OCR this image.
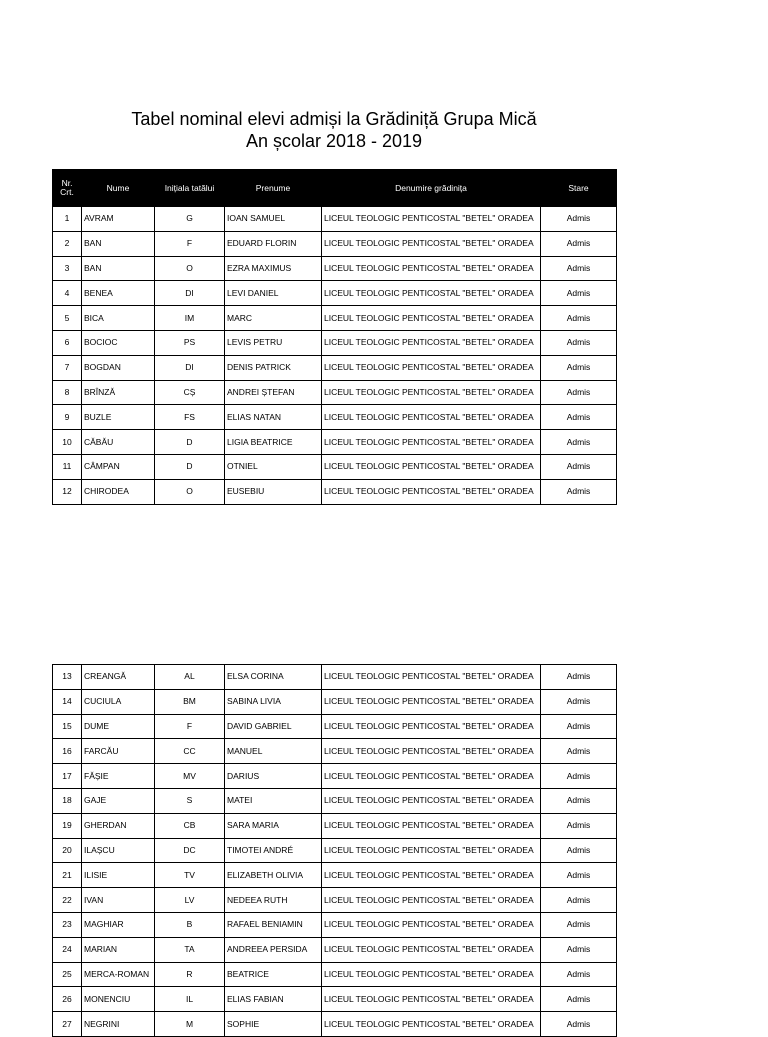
Tabel nominal elevi admiși la Grădiniță Grupa Mică
An școlar 2018 - 2019
Nr. Crt.	Nume	Inițiala tatălui	Prenume	Denumire grădinița	Stare
1	AVRAM	G	IOAN SAMUEL	LICEUL TEOLOGIC PENTICOSTAL "BETEL" ORADEA	Admis
2	BAN	F	EDUARD FLORIN	LICEUL TEOLOGIC PENTICOSTAL "BETEL" ORADEA	Admis
3	BAN	O	EZRA MAXIMUS	LICEUL TEOLOGIC PENTICOSTAL "BETEL" ORADEA	Admis
4	BENEA	DI	LEVI DANIEL	LICEUL TEOLOGIC PENTICOSTAL "BETEL" ORADEA	Admis
5	BICA	IM	MARC	LICEUL TEOLOGIC PENTICOSTAL "BETEL" ORADEA	Admis
6	BOCIOC	PS	LEVIS PETRU	LICEUL TEOLOGIC PENTICOSTAL "BETEL" ORADEA	Admis
7	BOGDAN	DI	DENIS PATRICK	LICEUL TEOLOGIC PENTICOSTAL "BETEL" ORADEA	Admis
8	BRÎNZĂ	CȘ	ANDREI ȘTEFAN	LICEUL TEOLOGIC PENTICOSTAL "BETEL" ORADEA	Admis
9	BUZLE	FS	ELIAS NATAN	LICEUL TEOLOGIC PENTICOSTAL "BETEL" ORADEA	Admis
10	CĂBĂU	D	LIGIA BEATRICE	LICEUL TEOLOGIC PENTICOSTAL "BETEL" ORADEA	Admis
11	CÂMPAN	D	OTNIEL	LICEUL TEOLOGIC PENTICOSTAL "BETEL" ORADEA	Admis
12	CHIRODEA	O	EUSEBIU	LICEUL TEOLOGIC PENTICOSTAL "BETEL" ORADEA	Admis
13	CREANGĂ	AL	ELSA CORINA	LICEUL TEOLOGIC PENTICOSTAL "BETEL" ORADEA	Admis
14	CUCIULA	BM	SABINA LIVIA	LICEUL TEOLOGIC PENTICOSTAL "BETEL" ORADEA	Admis
15	DUME	F	DAVID GABRIEL	LICEUL TEOLOGIC PENTICOSTAL "BETEL" ORADEA	Admis
16	FARCĂU	CC	MANUEL	LICEUL TEOLOGIC PENTICOSTAL "BETEL" ORADEA	Admis
17	FĂȘIE	MV	DARIUS	LICEUL TEOLOGIC PENTICOSTAL "BETEL" ORADEA	Admis
18	GAJE	S	MATEI	LICEUL TEOLOGIC PENTICOSTAL "BETEL" ORADEA	Admis
19	GHERDAN	CB	SARA MARIA	LICEUL TEOLOGIC PENTICOSTAL "BETEL" ORADEA	Admis
20	ILAȘCU	DC	TIMOTEI ANDRÉ	LICEUL TEOLOGIC PENTICOSTAL "BETEL" ORADEA	Admis
21	ILISIE	TV	ELIZABETH OLIVIA	LICEUL TEOLOGIC PENTICOSTAL "BETEL" ORADEA	Admis
22	IVAN	LV	NEDEEA RUTH	LICEUL TEOLOGIC PENTICOSTAL "BETEL" ORADEA	Admis
23	MAGHIAR	B	RAFAEL BENIAMIN	LICEUL TEOLOGIC PENTICOSTAL "BETEL" ORADEA	Admis
24	MARIAN	TA	ANDREEA PERSIDA	LICEUL TEOLOGIC PENTICOSTAL "BETEL" ORADEA	Admis
25	MERCA-ROMAN	R	BEATRICE	LICEUL TEOLOGIC PENTICOSTAL "BETEL" ORADEA	Admis
26	MONENCIU	IL	ELIAS FABIAN	LICEUL TEOLOGIC PENTICOSTAL "BETEL" ORADEA	Admis
27	NEGRINI	M	SOPHIE	LICEUL TEOLOGIC PENTICOSTAL "BETEL" ORADEA	Admis
